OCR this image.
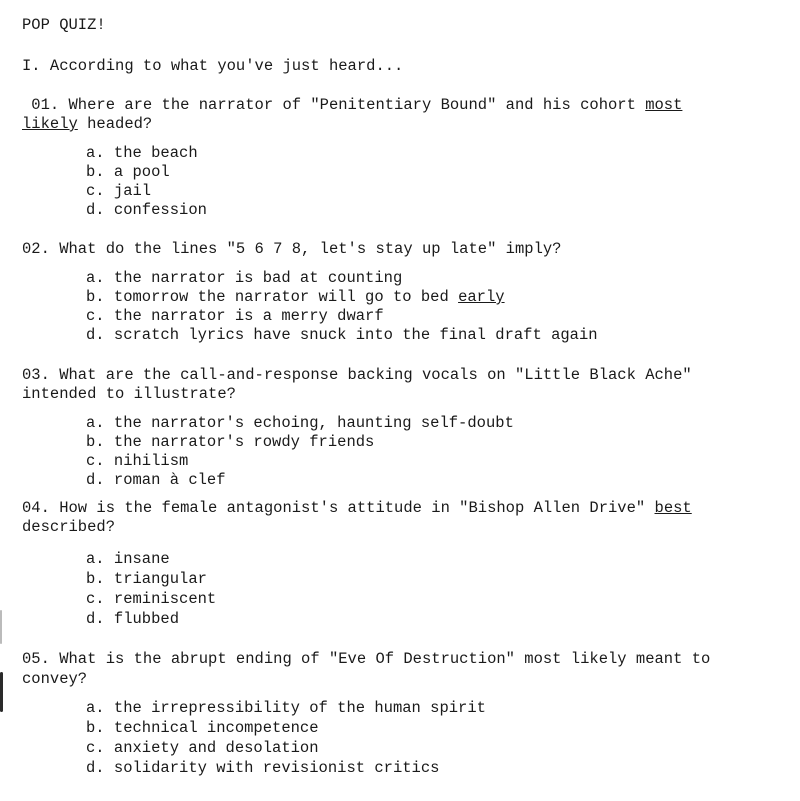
POP QUIZ!
I. According to what you've just heard...
01. Where are the narrator of "Penitentiary Bound" and his cohort most
likely headed?
a. the beach
b. a pool
c. jail
d. confession
02. What do the lines "5 6 7 8, let's stay up late" imply?
a. the narrator is bad at counting
b. tomorrow the narrator will go to bed early
c. the narrator is a merry dwarf
d. scratch lyrics have snuck into the final draft again
03. What are the call-and-response backing vocals on "Little Black Ache"
intended to illustrate?
a. the narrator's echoing, haunting self-doubt
b. the narrator's rowdy friends
c. nihilism
d. roman à clef
04. How is the female antagonist's attitude in "Bishop Allen Drive" best
described?
a. insane
b. triangular
c. reminiscent
d. flubbed
05. What is the abrupt ending of "Eve Of Destruction" most likely meant to
convey?
a. the irrepressibility of the human spirit
b. technical incompetence
c. anxiety and desolation
d. solidarity with revisionist critics
